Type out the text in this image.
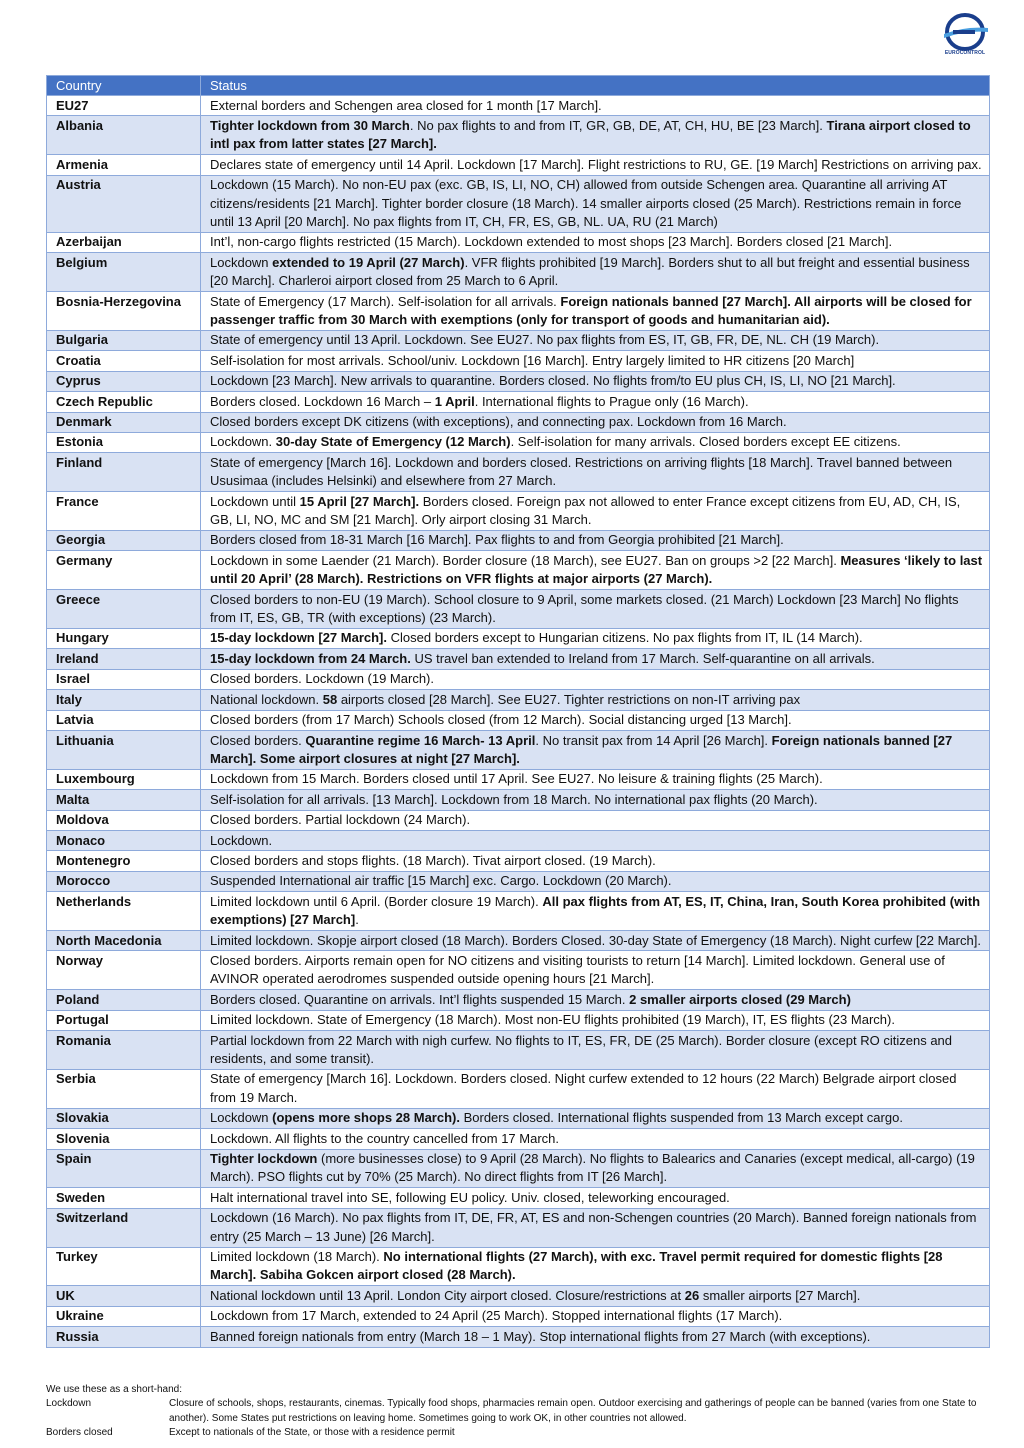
EUROCONTROL
Country	Status
EU27	External borders and Schengen area closed for 1 month [17 March].
Albania	Tighter lockdown from 30 March. No pax flights to and from IT, GR, GB, DE, AT, CH, HU, BE [23 March]. Tirana airport closed to intl pax from latter states [27 March].
Armenia	Declares state of emergency until 14 April. Lockdown [17 March]. Flight restrictions to RU, GE. [19 March] Restrictions on arriving pax.
Austria	Lockdown (15 March). No non-EU pax (exc. GB, IS, LI, NO, CH) allowed from outside Schengen area. Quarantine all arriving AT citizens/residents [21 March]. Tighter border closure (18 March). 14 smaller airports closed (25 March). Restrictions remain in force until 13 April [20 March]. No pax flights from IT, CH, FR, ES, GB, NL. UA, RU (21 March)
Azerbaijan	Int’l, non-cargo flights restricted (15 March). Lockdown extended to most shops [23 March]. Borders closed [21 March].
Belgium	Lockdown extended to 19 April (27 March). VFR flights prohibited [19 March]. Borders shut to all but freight and essential business [20 March]. Charleroi airport closed from 25 March to 6 April.
Bosnia-Herzegovina	State of Emergency (17 March). Self-isolation for all arrivals. Foreign nationals banned [27 March]. All airports will be closed for passenger traffic from 30 March with exemptions (only for transport of goods and humanitarian aid).
Bulgaria	State of emergency until 13 April. Lockdown. See EU27. No pax flights from ES, IT, GB, FR, DE, NL. CH (19 March).
Croatia	Self-isolation for most arrivals. School/univ. Lockdown [16 March]. Entry largely limited to HR citizens [20 March]
Cyprus	Lockdown [23 March]. New arrivals to quarantine. Borders closed. No flights from/to EU plus CH, IS, LI, NO [21 March].
Czech Republic	Borders closed. Lockdown 16 March – 1 April. International flights to Prague only (16 March).
Denmark	Closed borders except DK citizens (with exceptions), and connecting pax. Lockdown from 16 March.
Estonia	Lockdown. 30-day State of Emergency (12 March). Self-isolation for many arrivals. Closed borders except EE citizens.
Finland	State of emergency [March 16]. Lockdown and borders closed. Restrictions on arriving flights [18 March]. Travel banned between Ususimaa (includes Helsinki) and elsewhere from 27 March.
France	Lockdown until 15 April [27 March]. Borders closed. Foreign pax not allowed to enter France except citizens from EU, AD, CH, IS, GB, LI, NO, MC and SM [21 March]. Orly airport closing 31 March.
Georgia	Borders closed from 18-31 March [16 March]. Pax flights to and from Georgia prohibited [21 March].
Germany	Lockdown in some Laender (21 March). Border closure (18 March), see EU27. Ban on groups >2 [22 March]. Measures ‘likely to last until 20 April’ (28 March). Restrictions on VFR flights at major airports (27 March).
Greece	Closed borders to non-EU (19 March). School closure to 9 April, some markets closed. (21 March) Lockdown [23 March] No flights from IT, ES, GB, TR (with exceptions) (23 March).
Hungary	15-day lockdown [27 March]. Closed borders except to Hungarian citizens. No pax flights from IT, IL (14 March).
Ireland	15-day lockdown from 24 March. US travel ban extended to Ireland from 17 March. Self-quarantine on all arrivals.
Israel	Closed borders. Lockdown (19 March).
Italy	National lockdown. 58 airports closed [28 March]. See EU27. Tighter restrictions on non-IT arriving pax
Latvia	Closed borders (from 17 March) Schools closed (from 12 March). Social distancing urged [13 March].
Lithuania	Closed borders. Quarantine regime 16 March- 13 April. No transit pax from 14 April [26 March]. Foreign nationals banned [27 March]. Some airport closures at night [27 March].
Luxembourg	Lockdown from 15 March. Borders closed until 17 April. See EU27. No leisure & training flights (25 March).
Malta	Self-isolation for all arrivals. [13 March]. Lockdown from 18 March. No international pax flights (20 March).
Moldova	Closed borders. Partial lockdown (24 March).
Monaco	Lockdown.
Montenegro	Closed borders and stops flights. (18 March). Tivat airport closed. (19 March).
Morocco	Suspended International air traffic [15 March] exc. Cargo. Lockdown (20 March).
Netherlands	Limited lockdown until 6 April. (Border closure 19 March). All pax flights from AT, ES, IT, China, Iran, South Korea prohibited (with exemptions) [27 March].
North Macedonia	Limited lockdown. Skopje airport closed (18 March). Borders Closed. 30-day State of Emergency (18 March). Night curfew [22 March].
Norway	Closed borders. Airports remain open for NO citizens and visiting tourists to return [14 March]. Limited lockdown. General use of AVINOR operated aerodromes suspended outside opening hours [21 March].
Poland	Borders closed. Quarantine on arrivals. Int’l flights suspended 15 March. 2 smaller airports closed (29 March)
Portugal	Limited lockdown. State of Emergency (18 March). Most non-EU flights prohibited (19 March), IT, ES flights (23 March).
Romania	Partial lockdown from 22 March with nigh curfew. No flights to IT, ES, FR, DE (25 March). Border closure (except RO citizens and residents, and some transit).
Serbia	State of emergency [March 16]. Lockdown. Borders closed. Night curfew extended to 12 hours (22 March) Belgrade airport closed from 19 March.
Slovakia	Lockdown (opens more shops 28 March). Borders closed. International flights suspended from 13 March except cargo.
Slovenia	Lockdown. All flights to the country cancelled from 17 March.
Spain	Tighter lockdown (more businesses close) to 9 April (28 March). No flights to Balearics and Canaries (except medical, all-cargo) (19 March). PSO flights cut by 70% (25 March). No direct flights from IT [26 March].
Sweden	Halt international travel into SE, following EU policy. Univ. closed, teleworking encouraged.
Switzerland	Lockdown (16 March). No pax flights from IT, DE, FR, AT, ES and non-Schengen countries (20 March). Banned foreign nationals from entry (25 March – 13 June) [26 March].
Turkey	Limited lockdown (18 March). No international flights (27 March), with exc. Travel permit required for domestic flights [28 March]. Sabiha Gokcen airport closed (28 March).
UK	National lockdown until 13 April. London City airport closed. Closure/restrictions at 26 smaller airports [27 March].
Ukraine	Lockdown from 17 March, extended to 24 April (25 March). Stopped international flights (17 March).
Russia	Banned foreign nationals from entry (March 18 – 1 May). Stop international flights from 27 March (with exceptions).
We use these as a short-hand:
Lockdown	Closure of schools, shops, restaurants, cinemas. Typically food shops, pharmacies remain open. Outdoor exercising and gatherings of people can be banned (varies from one State to another). Some States put restrictions on leaving home. Sometimes going to work OK, in other countries not allowed.
Borders closed	Except to nationals of the State, or those with a residence permit
